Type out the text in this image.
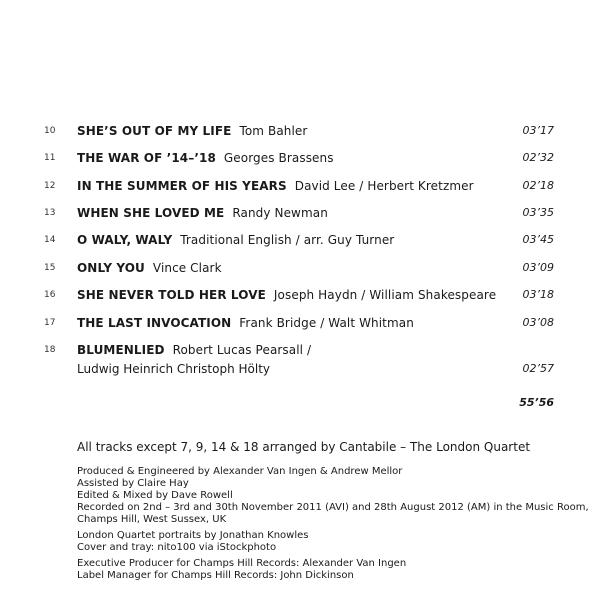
10 SHE’S OUT OF MY LIFE Tom Bahler	03’17
11 THE WAR OF ’14–’18 Georges Brassens	02’32
12 IN THE SUMMER OF HIS YEARS David Lee / Herbert Kretzmer	02’18
13 WHEN SHE LOVED ME Randy Newman	03’35
14 O WALY, WALY Traditional English / arr. Guy Turner	03’45
15 ONLY YOU Vince Clark	03’09
16 SHE NEVER TOLD HER LOVE Joseph Haydn / William Shakespeare 03’18
17 THE LAST INVOCATION Frank Bridge / Walt Whitman	03’08
18 BLUMENLIED Robert Lucas Pearsall /
Ludwig Heinrich Christoph Hölty	02’57
55’56
All tracks except 7, 9, 14 & 18 arranged by Cantabile – The London Quartet
Produced & Engineered by Alexander Van Ingen & Andrew Mellor
Assisted by Claire Hay
Edited & Mixed by Dave Rowell
Recorded on 2nd – 3rd and 30th November 2011 (AVI) and 28th August 2012 (AM) in the Music Room,
Champs Hill, West Sussex, UK
London Quartet portraits by Jonathan Knowles
Cover and tray: nito100 via iStockphoto
Executive Producer for Champs Hill Records: Alexander Van Ingen
Label Manager for Champs Hill Records: John Dickinson
